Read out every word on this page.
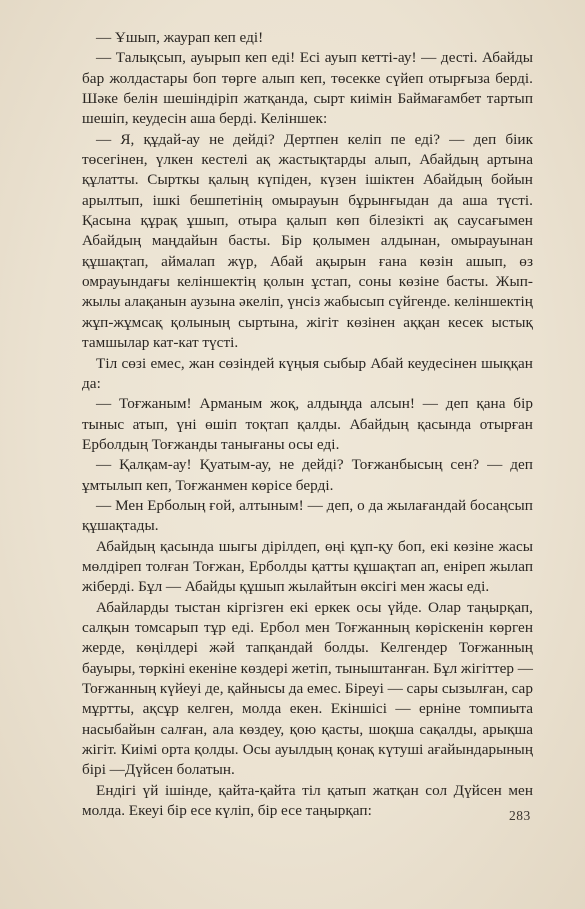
— Ұшып, жаурап кеп едi!

— Талықсып, ауырып кеп едi! Есi ауып кеттi-ау! — дестi. Абайды бар жолдастары боп төрге алып кеп, төсекке сүйеп отырғыза бердi. Шәке белiн шешiндiрiп жатқанда, сырт киiмiн Баймағамбет тартып шешiп, кеудесiн аша бердi. Келiншек:

— Я, құдай-ау не дейдi? Дертпен келiп пе едi? — деп бiик төсегiнен, үлкен кестелi ақ жастықтарды алып, Абайдың артына құлатты. Сырткы қалың күпiден, күзен iшiктен Абайдың бойын арылтып, iшкi бешпетiнiң омырауын бұрынғыдан да аша түстi. Қасына құрақ ұшып, отыра қалып көп бiлезiктi ақ саусағымен Абайдың маңдайын басты. Бiр қолымен алдынан, омырауынан құшақтап, аймалап жүр, Абай ақырын ғана көзiн ашып, өз омрауындағы келiншектiң қолын ұстап, соны көзiне басты. Жып-жылы алақанын аузына әкелiп, үнсiз жабысып сүйгенде. келiншектiң жұп-жұмсақ қолының сыртына, жiгiт көзiнен аққан кесек ыстық тамшылар кат-кат түстi.

Тiл сөзi емес, жан сөзiндей күңыя сыбыр Абай кеудесiнен шыққан да:

— Тоғжаным! Арманым жоқ, алдыңда алсын! — деп қана бiр тыныс атып, үнi өшiп тоқтап қалды. Абайдың қасында отырған Ерболдың Тоғжанды танығаны осы едi.

— Қалқам-ау! Қуатым-ау, не дейдi? Тоғжанбысың сен? — деп ұмтылып кеп, Тоғжанмен көрiсе бердi.

— Мен Ерболың ғой, алтыным! — деп, о да жылағандай босаңсып құшақтады.

Абайдың қасында шыгы дiрiлдеп, өңi құп-қу боп, екi көзiне жасы мөлдiреп толған Тоғжан, Ерболды қатты құшақтап ап, енiреп жылап жiбердi. Бұл — Абайды құшып жылайтын өксiгi мен жасы едi.

Абайларды тыстан кiргiзген екi еркек осы үйде. Олар таңырқап, салқын томсарып тұр едi. Ербол мен Тоғжанның көрiскенiн көрген жерде, көңiлдерi жәй тапқандай болды. Келгендер Тоғжанның бауыры, төркiнi екенiне көздерi жетiп, тыныштанған. Бұл жiгiттер — Тоғжанның күйеуi де, қайнысы да емес. Бiреуi — сары сызылған, сар мұртты, ақсұр келген, молда екен. Екiншiсi — ернiне томпиыта насыбайын салған, ала көздеу, қою қасты, шоқша сақалды, арықша жiгiт. Киiмi орта қолды. Осы ауылдың қонақ күтушi ағайындарының бiрi —Дүйсен болатын.

Ендiгi үй iшiнде, қайта-қайта тiл қатып жатқан сол Дүйсен мен молда. Екеуi бiр есе күлiп, бiр есе таңырқап:	283
